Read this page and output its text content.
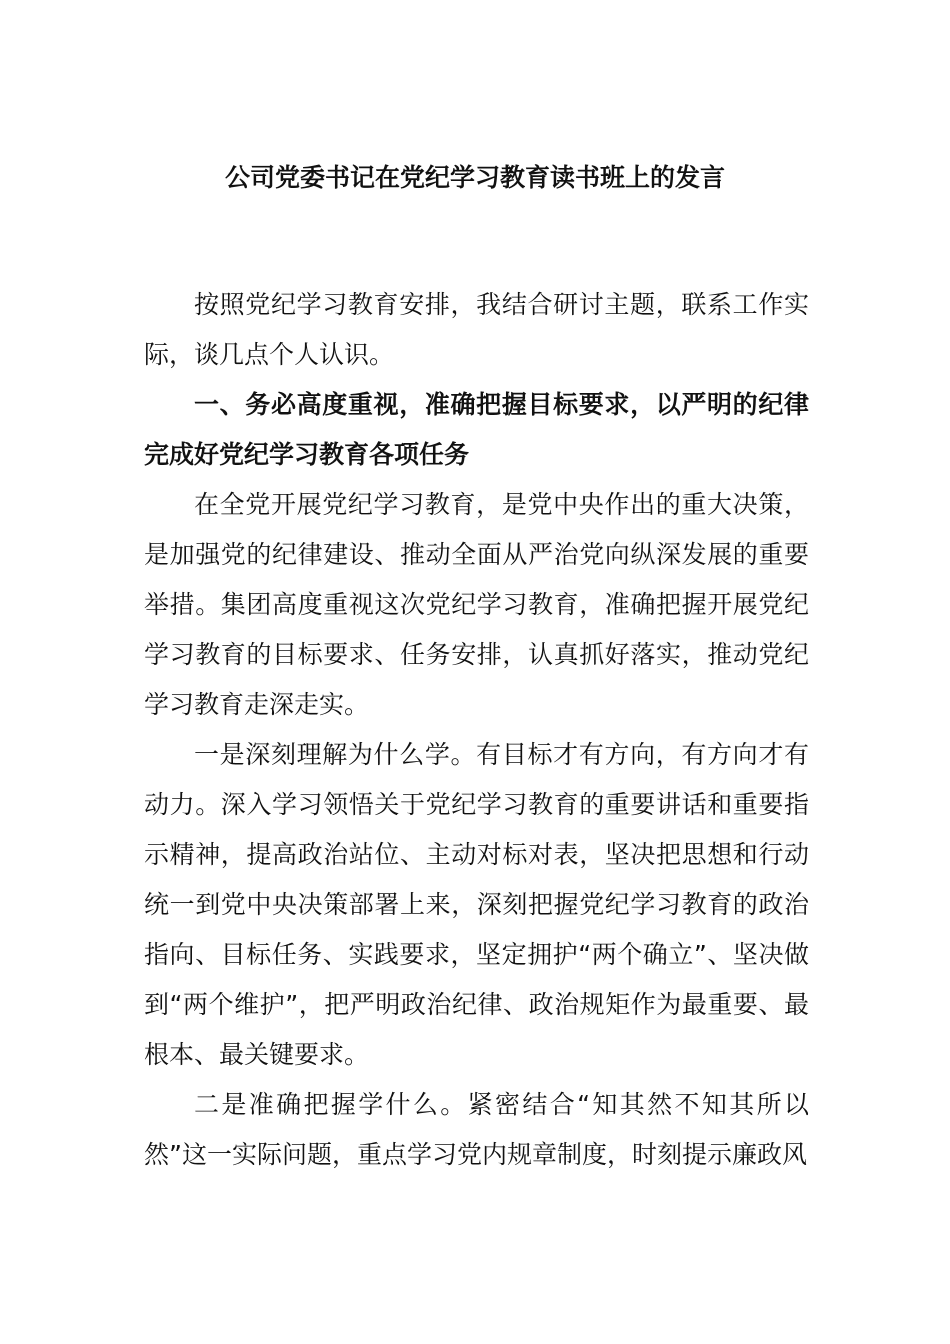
公司党委书记在党纪学习教育读书班上的发言

按照党纪学习教育安排，我结合研讨主题，联系工作实际，谈几点个人认识。

一、务必高度重视，准确把握目标要求，以严明的纪律完成好党纪学习教育各项任务

在全党开展党纪学习教育，是党中央作出的重大决策，是加强党的纪律建设、推动全面从严治党向纵深发展的重要举措。集团高度重视这次党纪学习教育，准确把握开展党纪学习教育的目标要求、任务安排，认真抓好落实，推动党纪学习教育走深走实。

一是深刻理解为什么学。有目标才有方向，有方向才有动力。深入学习领悟关于党纪学习教育的重要讲话和重要指示精神，提高政治站位、主动对标对表，坚决把思想和行动统一到党中央决策部署上来，深刻把握党纪学习教育的政治指向、目标任务、实践要求，坚定拥护“两个确立”、坚决做到“两个维护”，把严明政治纪律、政治规矩作为最重要、最根本、最关键要求。

二是准确把握学什么。紧密结合“知其然不知其所以然”这一实际问题，重点学习党内规章制度，时刻提示廉政风
